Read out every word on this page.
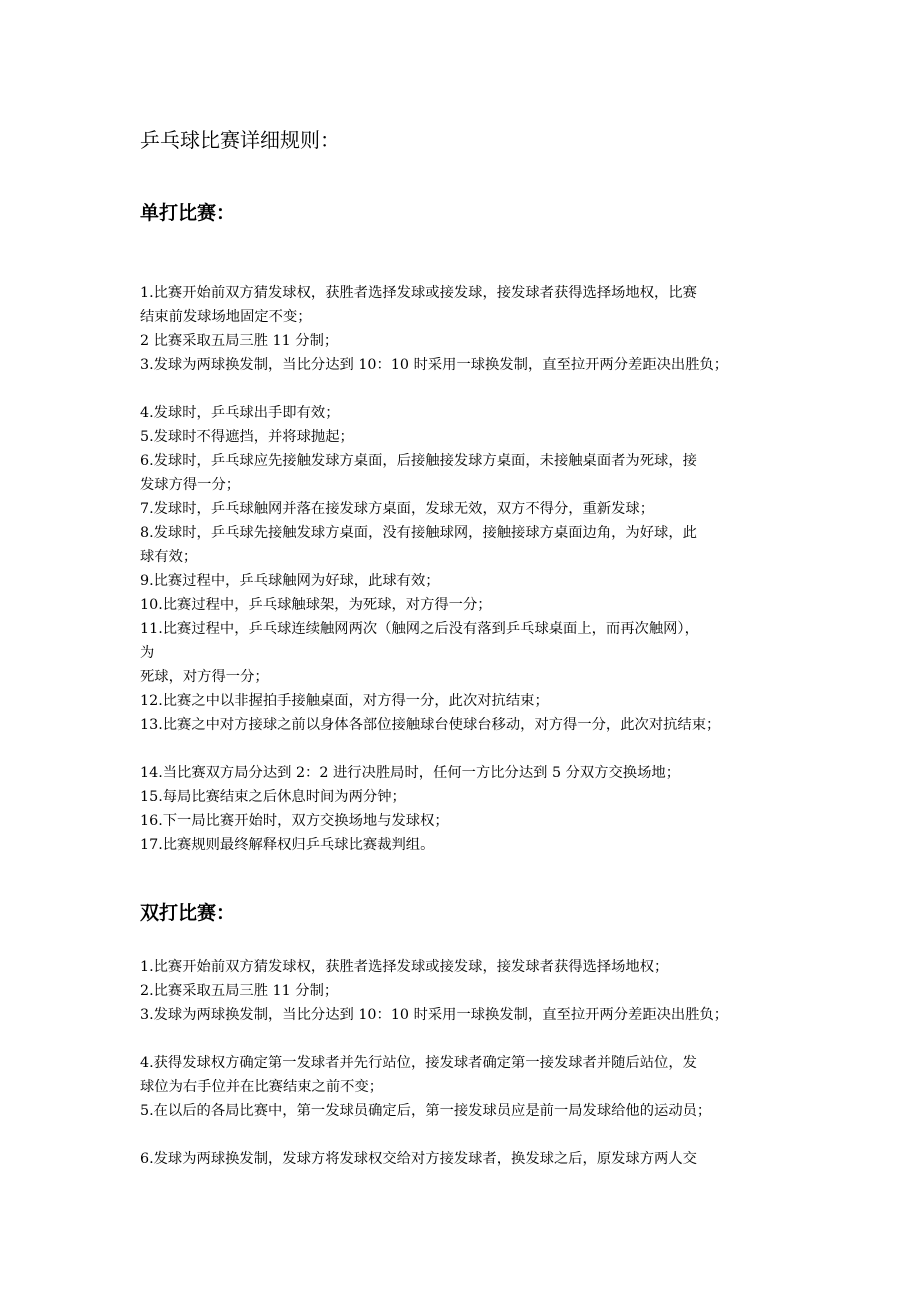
乒乓球比赛详细规则：
单打比赛：
1.比赛开始前双方猜发球权，获胜者选择发球或接发球，接发球者获得选择场地权，比赛
结束前发球场地固定不变；
2 比赛采取五局三胜 11 分制；
3.发球为两球换发制，当比分达到 10：10 时采用一球换发制，直至拉开两分差距决出胜负；
4.发球时，乒乓球出手即有效；
5.发球时不得遮挡，并将球抛起；
6.发球时，乒乓球应先接触发球方桌面，后接触接发球方桌面，未接触桌面者为死球，接
发球方得一分；
7.发球时，乒乓球触网并落在接发球方桌面，发球无效，双方不得分，重新发球；
8.发球时，乒乓球先接触发球方桌面，没有接触球网，接触接球方桌面边角，为好球，此
球有效；
9.比赛过程中，乒乓球触网为好球，此球有效；
10.比赛过程中，乒乓球触球架，为死球，对方得一分；
11.比赛过程中，乒乓球连续触网两次（触网之后没有落到乒乓球桌面上，而再次触网），
为
死球，对方得一分；
12.比赛之中以非握拍手接触桌面，对方得一分，此次对抗结束；
13.比赛之中对方接球之前以身体各部位接触球台使球台移动，对方得一分，此次对抗结束；
14.当比赛双方局分达到 2：2 进行决胜局时，任何一方比分达到 5 分双方交换场地；
15.每局比赛结束之后休息时间为两分钟；
16.下一局比赛开始时，双方交换场地与发球权；
17.比赛规则最终解释权归乒乓球比赛裁判组。
双打比赛：
1.比赛开始前双方猜发球权，获胜者选择发球或接发球，接发球者获得选择场地权；
2.比赛采取五局三胜 11 分制；
3.发球为两球换发制，当比分达到 10：10 时采用一球换发制，直至拉开两分差距决出胜负；
4.获得发球权方确定第一发球者并先行站位，接发球者确定第一接发球者并随后站位，发
球位为右手位并在比赛结束之前不变；
5.在以后的各局比赛中，第一发球员确定后，第一接发球员应是前一局发球给他的运动员；
6.发球为两球换发制，发球方将发球权交给对方接发球者，换发球之后，原发球方两人交
